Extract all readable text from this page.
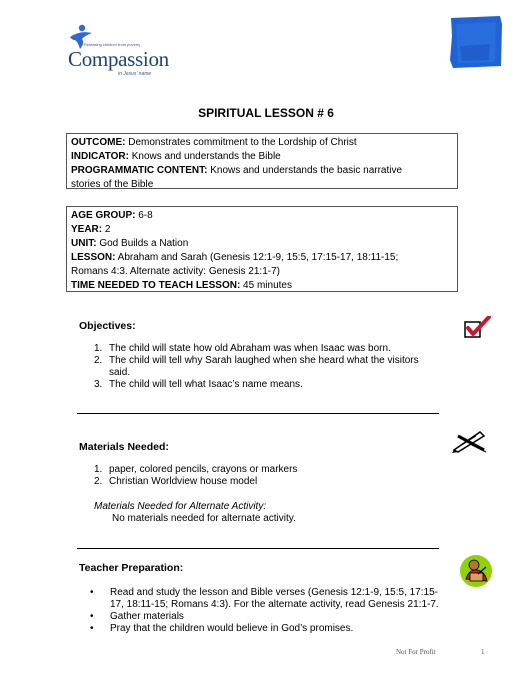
Releasing children from poverty
Compassion
in Jesus' name
SPIRITUAL LESSON # 6
OUTCOME: Demonstrates commitment to the Lordship of Christ
INDICATOR: Knows and understands the Bible
PROGRAMMATIC CONTENT: Knows and understands the basic narrative
stories of the Bible
AGE GROUP: 6-8
YEAR: 2
UNIT: God Builds a Nation
LESSON: Abraham and Sarah (Genesis 12:1-9, 15:5, 17:15-17, 18:11-15;
Romans 4:3. Alternate activity: Genesis 21:1-7)
TIME NEEDED TO TEACH LESSON: 45 minutes
Objectives:
1. The child will state how old Abraham was when Isaac was born.
2. The child will tell why Sarah laughed when she heard what the visitors
said.
3. The child will tell what Isaac’s name means.
Materials Needed:
1. paper, colored pencils, crayons or markers
2. Christian Worldview house model
Materials Needed for Alternate Activity:
No materials needed for alternate activity.
Teacher Preparation:
• Read and study the lesson and Bible verses (Genesis 12:1-9, 15:5, 17:15-
17, 18:11-15; Romans 4:3). For the alternate activity, read Genesis 21:1-7.
• Gather materials
• Pray that the children would believe in God’s promises.
Not For Profit	1
